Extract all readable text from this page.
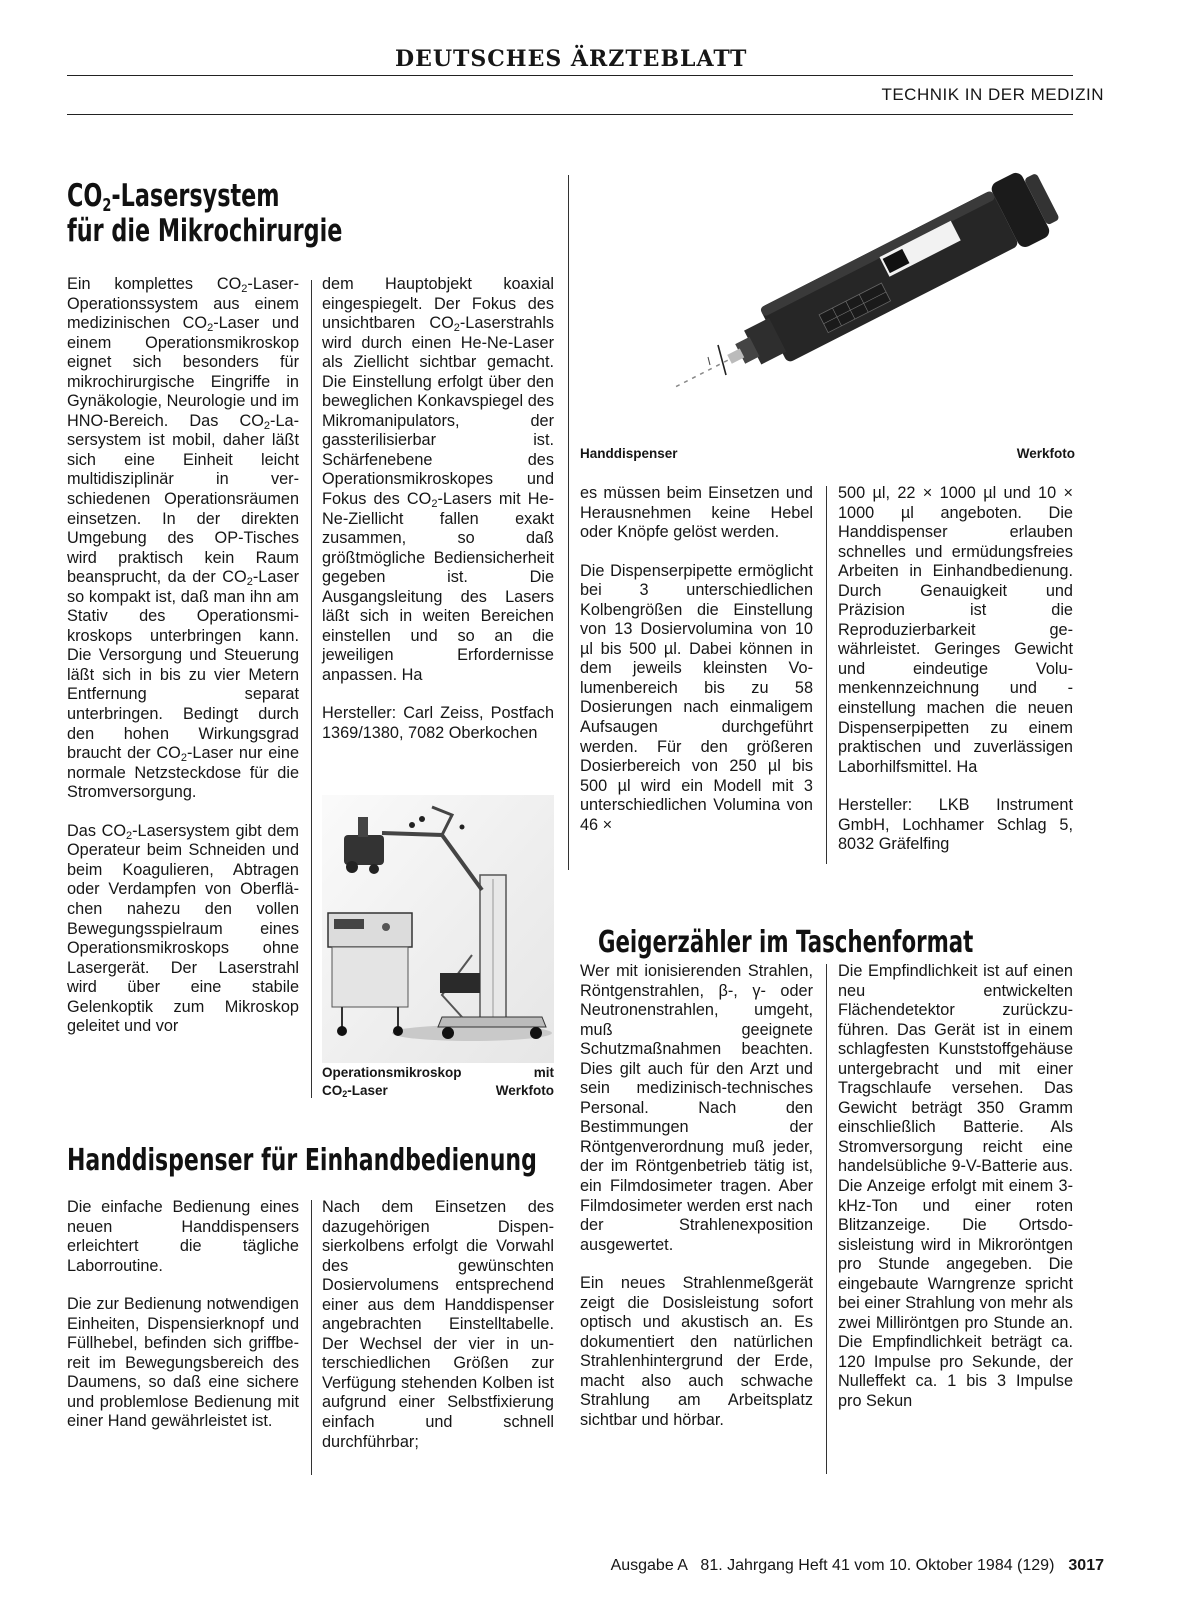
DEUTSCHES ÄRZTEBLATT
TECHNIK IN DER MEDIZIN
$CO_2$-Lasersystem
für die Mikrochirurgie

Ein komplettes $CO_2-Laser$-Operationssystem aus einem medizinischen $CO_2$-Laser und einem Operationsmikroskop eignet sich besonders für mikrochirurgische Eingriffe in Gynäkologie, Neurologie und im HNO-Bereich. Das $CO_2$-Lasersystem ist mobil, daher läßt sich eine Einheit leicht multidisziplinär in verschiedenen Operationsräumen einsetzen. In der direkten Umgebung des OP-Tisches wird praktisch kein Raum beansprucht, da der $CO_2$-Laser so kompakt ist, daß man ihn am Stativ des Operationsmikroskops unterbringen kann. Die Versorgung und Steuerung läßt sich in bis zu vier Metern Entfernung separat unterbringen. Bedingt durch den hohen Wirkungsgrad braucht der $CO_2$-Laser nur eine normale Netzsteckdose für die Stromversorgung.

Das $CO_2$-Lasersystem gibt dem Operateur beim Schneiden und beim Koagulieren, Abtragen oder Verdampfen von Oberflächen nahezu den vollen Bewegungsspielraum eines Operationsmikroskops ohne Lasergerät. Der Laserstrahl wird über eine stabile Gelenkoptik zum Mikroskop geleitet und vor

dem Hauptobjekt koaxial eingespiegelt. Der Fokus des unsichtbaren $CO_2$-Laserstrahls wird durch einen He-Ne-Laser als Ziellicht sichtbar gemacht. Die Einstellung erfolgt über den beweglichen Konkavspiegel des Mikromanipulators, der gassterilisierbar ist. Schärfenebene des Operationsmikroskopes und Fokus des $CO_2$-Lasers mit He-Ne-Ziellicht fallen exakt zusammen, so daß größtmögliche Bediensicherheit gegeben ist. Die Ausgangsleitung des Lasers läßt sich in weiten Bereichen einstellen und so an die jeweiligen Erfordernisse anpassen. Ha

Hersteller: Carl Zeiss, Postfach 1369/1380, 7082 Oberkochen

Operationsmikroskop	mit
$CO_2$-Laser	Werkfoto
Handdispenser für Einhandbedienung

Die einfache Bedienung eines neuen Handdispensers erleichtert die tägliche Laborroutine.

Die zur Bedienung notwendigen Einheiten, Dispensierknopf und Füllhebel, befinden sich griffbereit im Bewegungsbereich des Daumens, so daß eine sichere und problemlose Bedienung mit einer Hand gewährleistet ist.

Nach dem Einsetzen des dazugehörigen Dispensierkolbens erfolgt die Vorwahl des gewünschten Dosiervolumens entsprechend einer aus dem Handdispenser angebrachten Einstelltabelle. Der Wechsel der vier in unterschiedlichen Größen zur Verfügung stehenden Kolben ist aufgrund einer Selbstfixierung einfach und schnell durchführbar;

Handdispenser	Werkfoto

es müssen beim Einsetzen und Herausnehmen keine Hebel oder Knöpfe gelöst werden.

Die Dispenserpipette ermöglicht bei 3 unterschiedlichen Kolbengrößen die Einstellung von 13 Dosiervolumina von 10 µl bis 500 µl. Dabei können in dem jeweils kleinsten Volumenbereich bis zu 58 Dosierungen nach einmaligem Aufsaugen durchgeführt werden. Für den größeren Dosierbereich von 250 µl bis 500 µl wird ein Modell mit 3 unterschiedlichen Volumina von 46 ×

500 µl, 22 × 1000 µl und 10 × 1000 µl angeboten. Die Handdispenser erlauben schnelles und ermüdungsfreies Arbeiten in Einhandbedienung. Durch Genauigkeit und Präzision ist die Reproduzierbarkeit gewährleistet. Geringes Gewicht und eindeutige Volumenkennzeichnung und -einstellung machen die neuen Dispenserpipetten zu einem praktischen und zuverlässigen Laborhilfsmittel. Ha

Hersteller: LKB Instrument GmbH, Lochhamer Schlag 5, 8032 Gräfelfing

Geigerzähler im Taschenformat

Wer mit ionisierenden Strahlen, Röntgenstrahlen, β-, γ- oder Neutronenstrahlen, umgeht, muß geeignete Schutzmaßnahmen beachten. Dies gilt auch für den Arzt und sein medizinisch-technisches Personal. Nach den Bestimmungen der Röntgenverordnung muß jeder, der im Röntgenbetrieb tätig ist, ein Filmdosimeter tragen. Aber Filmdosimeter werden erst nach der Strahlenexposition ausgewertet.

Ein neues Strahlenmeßgerät zeigt die Dosisleistung sofort optisch und akustisch an. Es dokumentiert den natürlichen Strahlenhintergrund der Erde, macht also auch schwache Strahlung am Arbeitsplatz sichtbar und hörbar.

Die Empfindlichkeit ist auf einen neu entwickelten Flächendetektor zurückzuführen. Das Gerät ist in einem schlagfesten Kunststoffgehäuse untergebracht und mit einer Tragschlaufe versehen. Das Gewicht beträgt 350 Gramm einschließlich Batterie. Als Stromversorgung reicht eine handelsübliche 9-V-Batterie aus. Die Anzeige erfolgt mit einem 3-kHz-Ton und einer roten Blitzanzeige. Die Ortsdosisleistung wird in Mikroröntgen pro Stunde angegeben. Die eingebaute Warngrenze spricht bei einer Strahlung von mehr als zwei Milliröntgen pro Stunde an. Die Empfindlichkeit beträgt ca. 120 Impulse pro Sekunde, der Nulleffekt ca. 1 bis 3 Impulse pro Sekun

Ausgabe A   81. Jahrgang Heft 41 vom 10. Oktober 1984 (129) 3017
